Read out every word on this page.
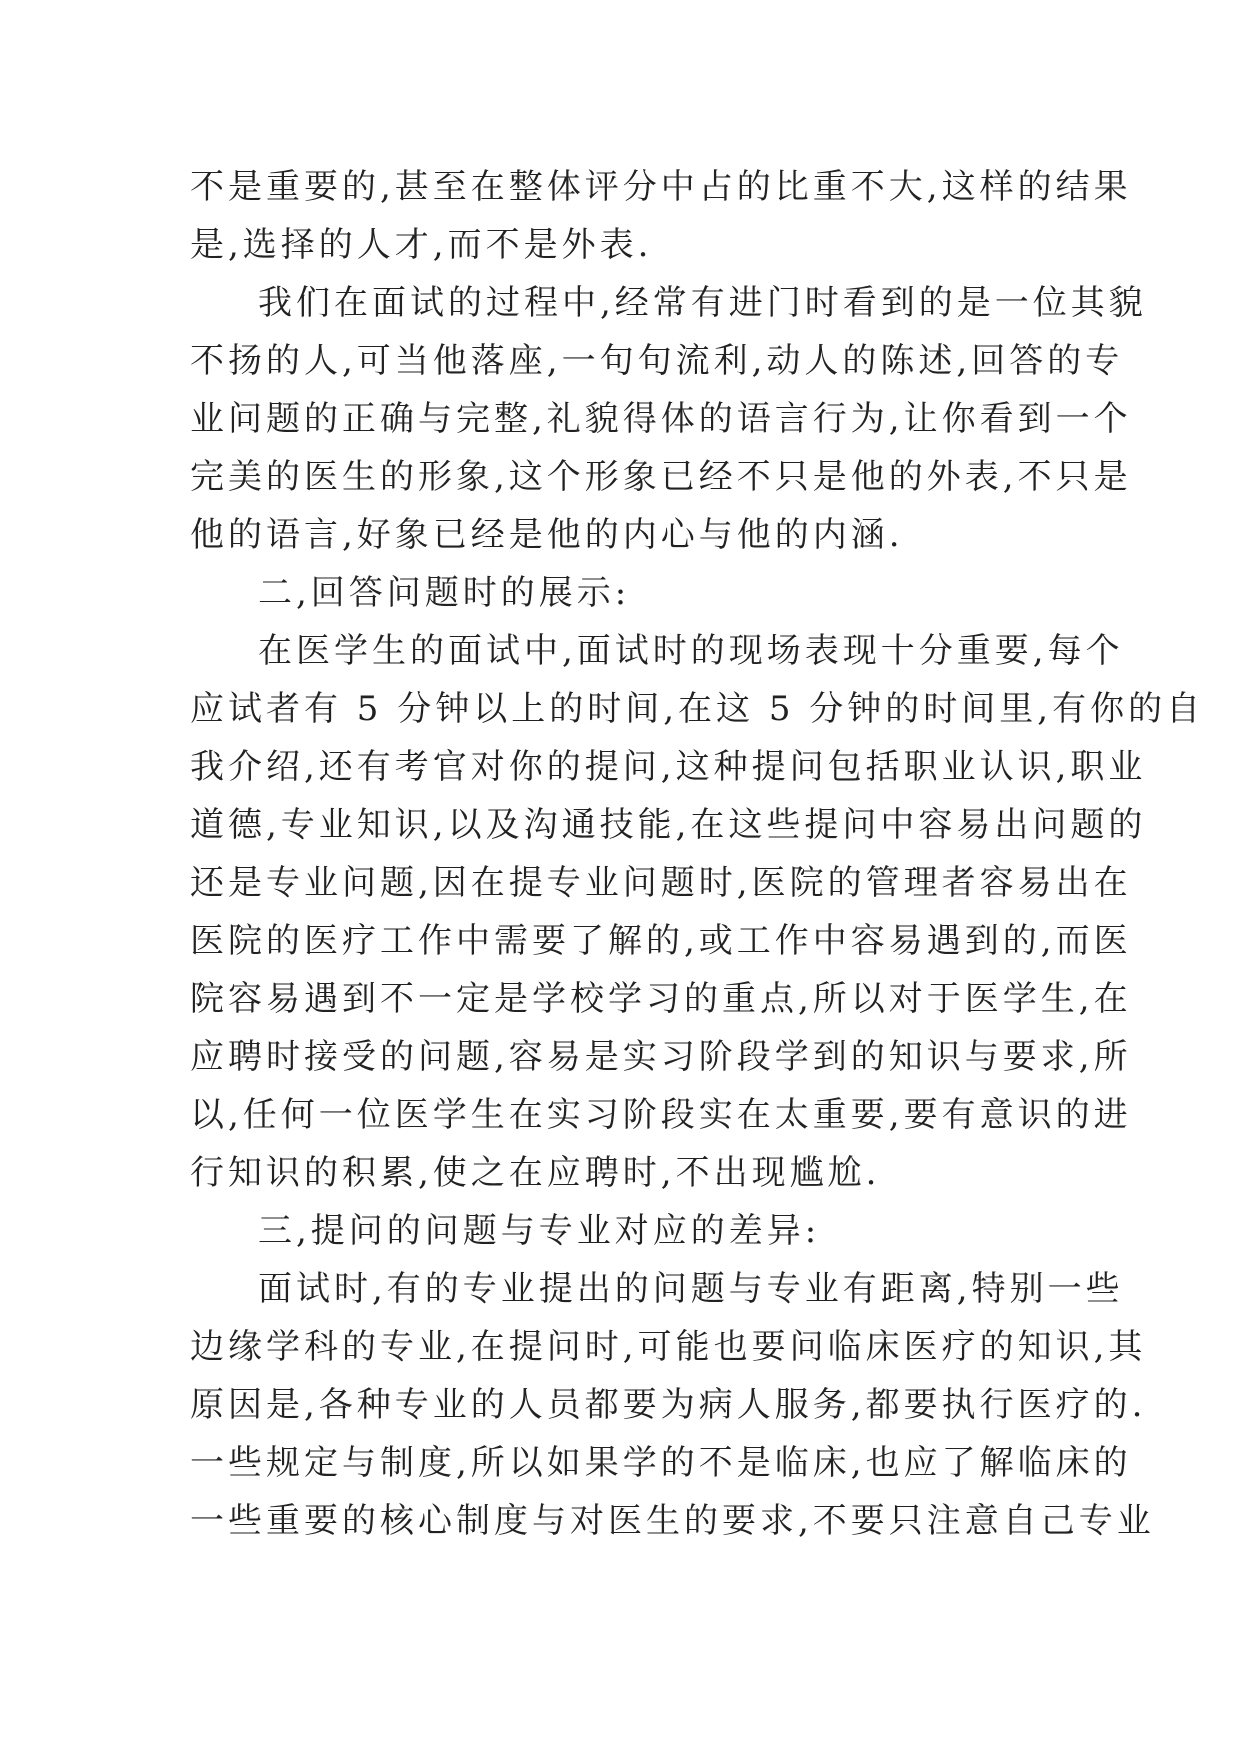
不是重要的,甚至在整体评分中占的比重不大,这样的结果
是,选择的人才,而不是外表.
我们在面试的过程中,经常有进门时看到的是一位其貌
不扬的人,可当他落座,一句句流利,动人的陈述,回答的专
业问题的正确与完整,礼貌得体的语言行为,让你看到一个
完美的医生的形象,这个形象已经不只是他的外表,不只是
他的语言,好象已经是他的内心与他的内涵.
二,回答问题时的展示:
在医学生的面试中,面试时的现场表现十分重要,每个
应试者有 5 分钟以上的时间,在这 5 分钟的时间里,有你的自
我介绍,还有考官对你的提问,这种提问包括职业认识,职业
道德,专业知识,以及沟通技能,在这些提问中容易出问题的
还是专业问题,因在提专业问题时,医院的管理者容易出在
医院的医疗工作中需要了解的,或工作中容易遇到的,而医
院容易遇到不一定是学校学习的重点,所以对于医学生,在
应聘时接受的问题,容易是实习阶段学到的知识与要求,所
以,任何一位医学生在实习阶段实在太重要,要有意识的进
行知识的积累,使之在应聘时,不出现尴尬.
三,提问的问题与专业对应的差异:
面试时,有的专业提出的问题与专业有距离,特别一些
边缘学科的专业,在提问时,可能也要问临床医疗的知识,其
原因是,各种专业的人员都要为病人服务,都要执行医疗的.
一些规定与制度,所以如果学的不是临床,也应了解临床的
一些重要的核心制度与对医生的要求,不要只注意自己专业
